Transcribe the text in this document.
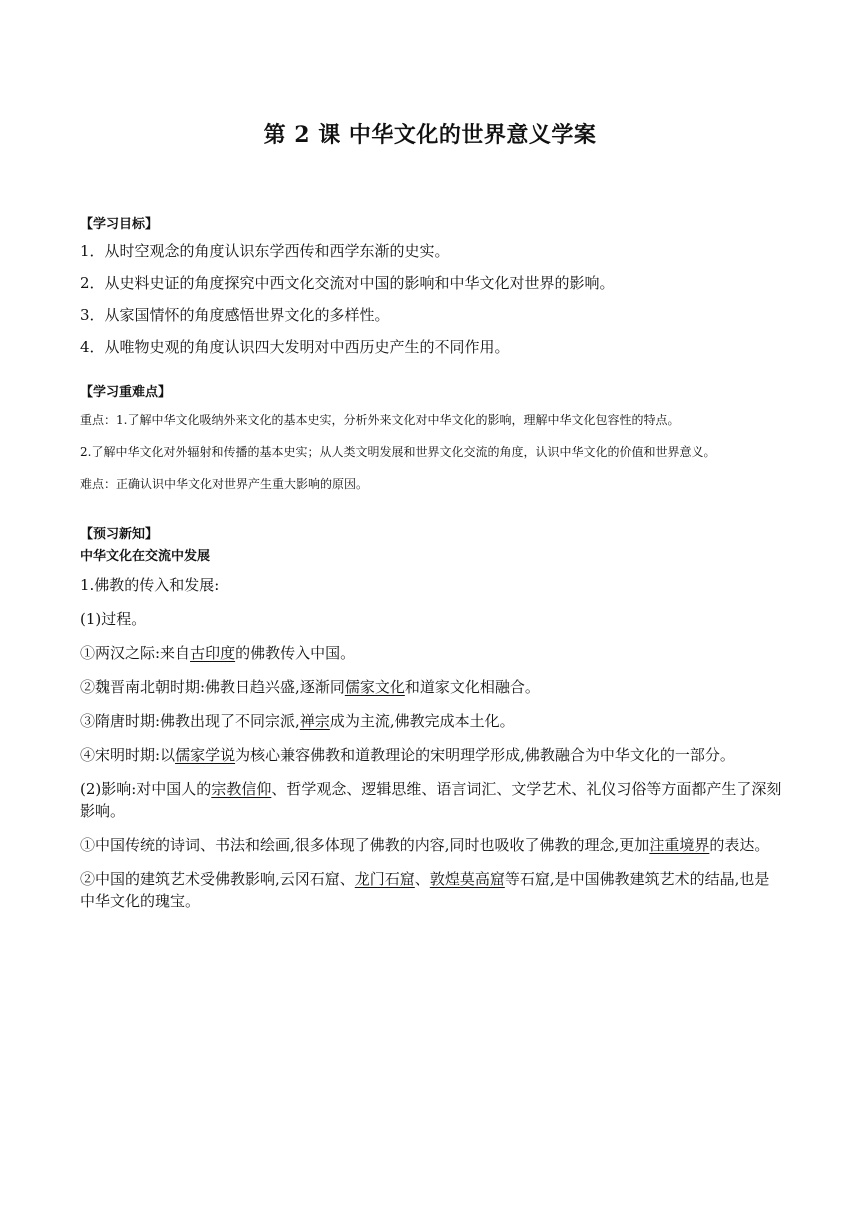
第 2 课 中华文化的世界意义学案
【学习目标】
1．从时空观念的角度认识东学西传和西学东渐的史实。
2．从史料史证的角度探究中西文化交流对中国的影响和中华文化对世界的影响。
3．从家国情怀的角度感悟世界文化的多样性。
4．从唯物史观的角度认识四大发明对中西历史产生的不同作用。
【学习重难点】
重点：1.了解中华文化吸纳外来文化的基本史实，分析外来文化对中华文化的影响，理解中华文化包容性的特点。
2.了解中华文化对外辐射和传播的基本史实；从人类文明发展和世界文化交流的角度，认识中华文化的价值和世界意义。
难点：正确认识中华文化对世界产生重大影响的原因。
【预习新知】
中华文化在交流中发展
1.佛教的传入和发展:
(1)过程。
①两汉之际:来自古印度的佛教传入中国。
②魏晋南北朝时期:佛教日趋兴盛,逐渐同儒家文化和道家文化相融合。
③隋唐时期:佛教出现了不同宗派,禅宗成为主流,佛教完成本土化。
④宋明时期:以儒家学说为核心兼容佛教和道教理论的宋明理学形成,佛教融合为中华文化的一部分。
(2)影响:对中国人的宗教信仰、哲学观念、逻辑思维、语言词汇、文学艺术、礼仪习俗等方面都产生了深刻影响。
①中国传统的诗词、书法和绘画,很多体现了佛教的内容,同时也吸收了佛教的理念,更加注重境界的表达。
②中国的建筑艺术受佛教影响,云冈石窟、龙门石窟、敦煌莫高窟等石窟,是中国佛教建筑艺术的结晶,也是中华文化的瑰宝。
